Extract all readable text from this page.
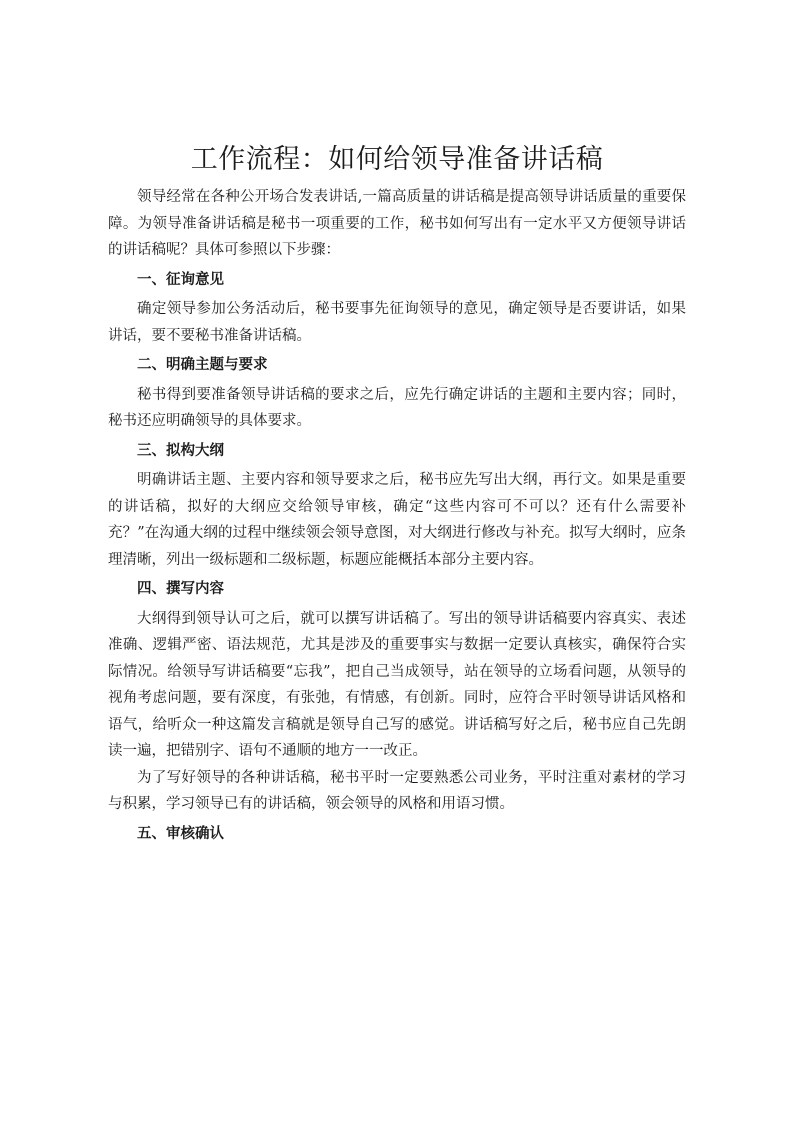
工作流程：如何给领导准备讲话稿

领导经常在各种公开场合发表讲话,一篇高质量的讲话稿是提高领导讲话质量的重要保障。为领导准备讲话稿是秘书一项重要的工作，秘书如何写出有一定水平又方便领导讲话的讲话稿呢？具体可参照以下步骤：

一、征询意见

确定领导参加公务活动后，秘书要事先征询领导的意见，确定领导是否要讲话，如果讲话，要不要秘书准备讲话稿。

二、明确主题与要求

秘书得到要准备领导讲话稿的要求之后，应先行确定讲话的主题和主要内容；同时，秘书还应明确领导的具体要求。

三、拟构大纲

明确讲话主题、主要内容和领导要求之后，秘书应先写出大纲，再行文。如果是重要的讲话稿，拟好的大纲应交给领导审核，确定“这些内容可不可以？还有什么需要补充？”在沟通大纲的过程中继续领会领导意图，对大纲进行修改与补充。拟写大纲时，应条理清晰，列出一级标题和二级标题，标题应能概括本部分主要内容。

四、撰写内容

大纲得到领导认可之后，就可以撰写讲话稿了。写出的领导讲话稿要内容真实、表述准确、逻辑严密、语法规范，尤其是涉及的重要事实与数据一定要认真核实，确保符合实际情况。给领导写讲话稿要“忘我”，把自己当成领导，站在领导的立场看问题，从领导的视角考虑问题，要有深度，有张弛，有情感，有创新。同时，应符合平时领导讲话风格和语气，给听众一种这篇发言稿就是领导自己写的感觉。讲话稿写好之后，秘书应自己先朗读一遍，把错别字、语句不通顺的地方一一改正。

为了写好领导的各种讲话稿，秘书平时一定要熟悉公司业务，平时注重对素材的学习与积累，学习领导已有的讲话稿，领会领导的风格和用语习惯。

五、审核确认
